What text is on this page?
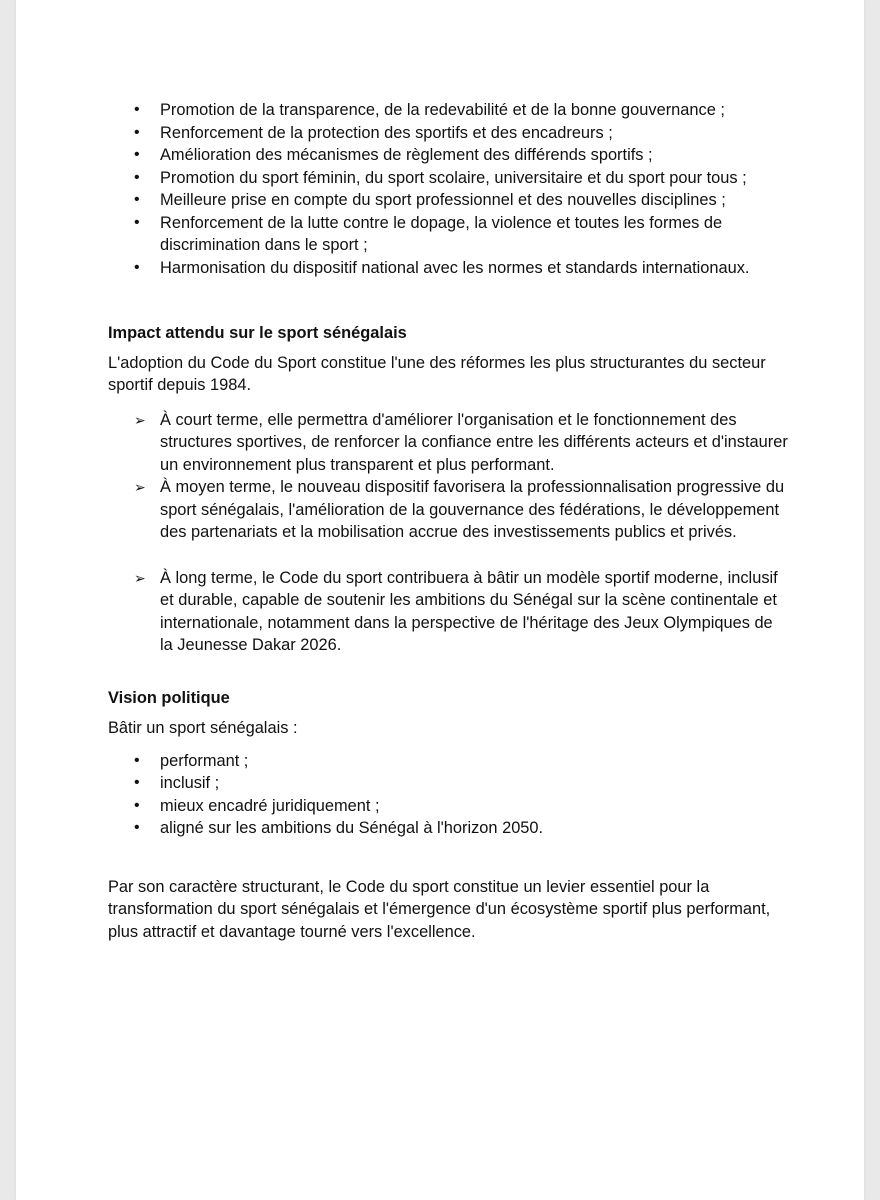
• Promotion de la transparence, de la redevabilité et de la bonne gouvernance ;
• Renforcement de la protection des sportifs et des encadreurs ;
• Amélioration des mécanismes de règlement des différends sportifs ;
• Promotion du sport féminin, du sport scolaire, universitaire et du sport pour tous ;
• Meilleure prise en compte du sport professionnel et des nouvelles disciplines ;
• Renforcement de la lutte contre le dopage, la violence et toutes les formes de discrimination dans le sport ;
• Harmonisation du dispositif national avec les normes et standards internationaux.
Impact attendu sur le sport sénégalais

L'adoption du Code du Sport constitue l'une des réformes les plus structurantes du secteur sportif depuis 1984.

➢ À court terme, elle permettra d'améliorer l'organisation et le fonctionnement des structures sportives, de renforcer la confiance entre les différents acteurs et d'instaurer un environnement plus transparent et plus performant.
➢ À moyen terme, le nouveau dispositif favorisera la professionnalisation progressive du sport sénégalais, l'amélioration de la gouvernance des fédérations, le développement des partenariats et la mobilisation accrue des investissements publics et privés.
➢ À long terme, le Code du sport contribuera à bâtir un modèle sportif moderne, inclusif et durable, capable de soutenir les ambitions du Sénégal sur la scène continentale et internationale, notamment dans la perspective de l'héritage des Jeux Olympiques de la Jeunesse Dakar 2026.
Vision politique

Bâtir un sport sénégalais :

• performant ;
• inclusif ;
• mieux encadré juridiquement ;
• aligné sur les ambitions du Sénégal à l'horizon 2050.

Par son caractère structurant, le Code du sport constitue un levier essentiel pour la transformation du sport sénégalais et l'émergence d'un écosystème sportif plus performant, plus attractif et davantage tourné vers l'excellence.
